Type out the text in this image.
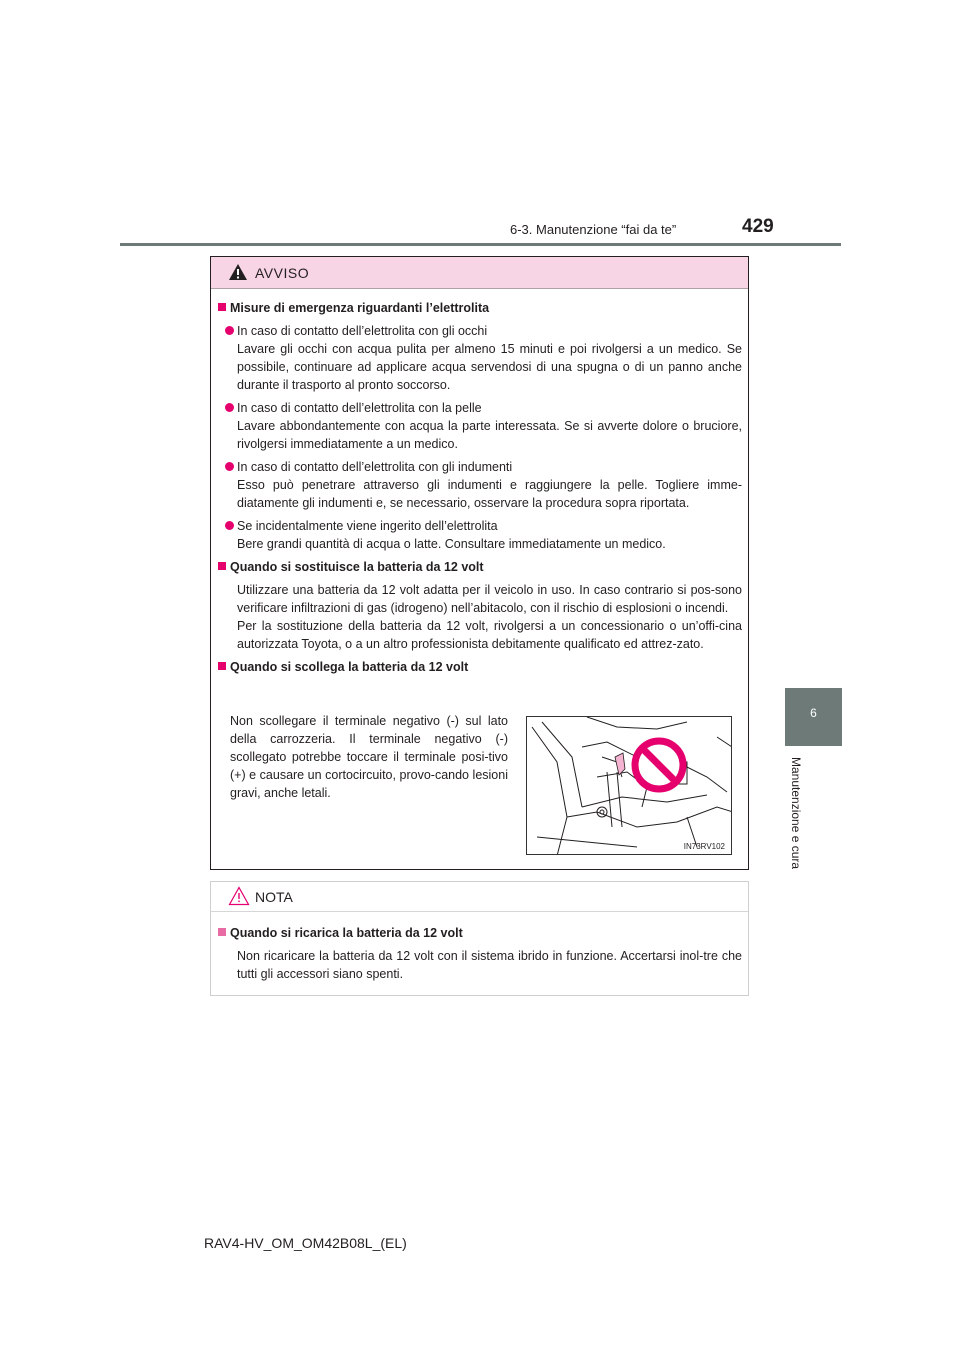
6-3. Manutenzione “fai da te”	429
6
Manutenzione e cura
AVVISO

Misure di emergenza riguardanti l’elettrolita

In caso di contatto dell’elettrolita con gli occhi

Lavare gli occhi con acqua pulita per almeno 15 minuti e poi rivolgersi a un medico. Se possibile, continuare ad applicare acqua servendosi di una spugna o di un panno anche durante il trasporto al pronto soccorso.

In caso di contatto dell’elettrolita con la pelle

Lavare abbondantemente con acqua la parte interessata. Se si avverte dolore o bruciore, rivolgersi immediatamente a un medico.

In caso di contatto dell’elettrolita con gli indumenti

Esso può penetrare attraverso gli indumenti e raggiungere la pelle. Togliere imme-diatamente gli indumenti e, se necessario, osservare la procedura sopra riportata.

Se incidentalmente viene ingerito dell’elettrolita

Bere grandi quantità di acqua o latte. Consultare immediatamente un medico.

Quando si sostituisce la batteria da 12 volt

Utilizzare una batteria da 12 volt adatta per il veicolo in uso. In caso contrario si pos-sono verificare infiltrazioni di gas (idrogeno) nell’abitacolo, con il rischio di esplosioni o incendi.

Per la sostituzione della batteria da 12 volt, rivolgersi a un concessionario o un’offi-cina autorizzata Toyota, o a un altro professionista debitamente qualificato ed attrez-zato.

Quando si scollega la batteria da 12 volt

Non scollegare il terminale negativo (-) sul lato della carrozzeria. Il terminale negativo (-) scollegato potrebbe toccare il terminale posi-tivo (+) e causare un cortocircuito, provo-cando lesioni gravi, anche letali.

IN73RV102
NOTA

Quando si ricarica la batteria da 12 volt

Non ricaricare la batteria da 12 volt con il sistema ibrido in funzione. Accertarsi inol-tre che tutti gli accessori siano spenti.

RAV4-HV_OM_OM42B08L_(EL)
